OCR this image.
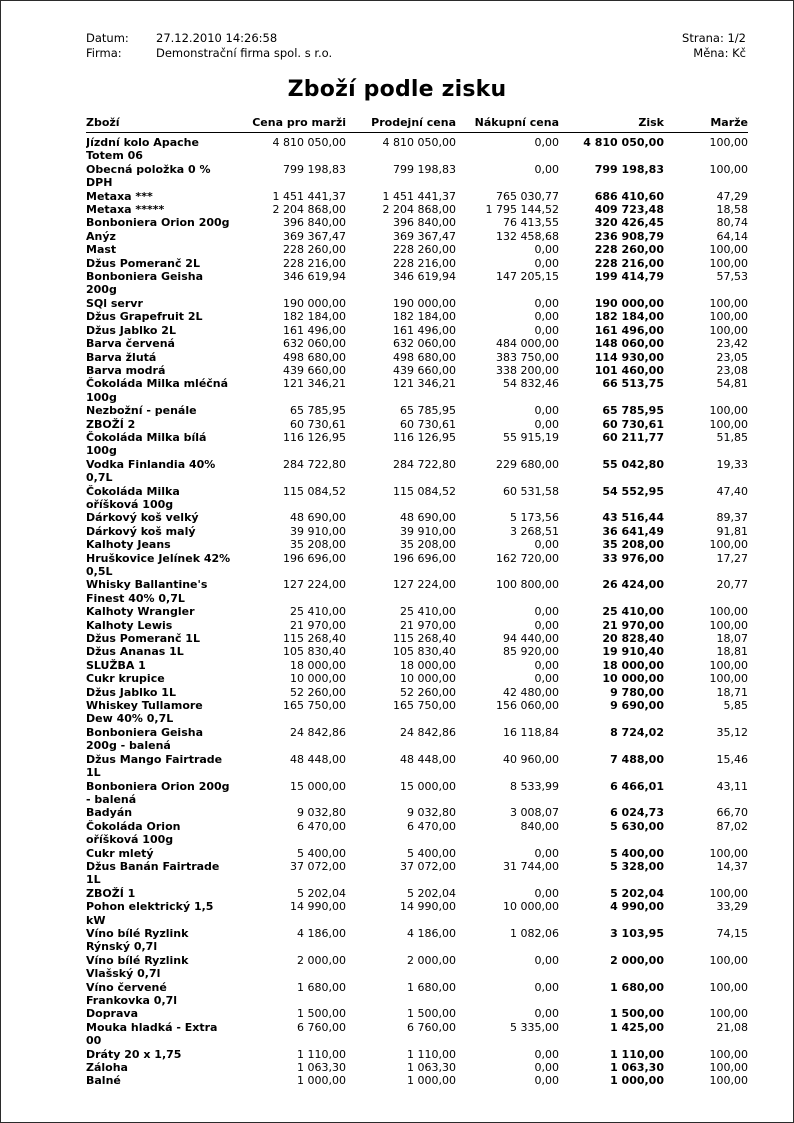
Datum:	27.12.2010 14:26:58
Firma:	Demonstrační firma spol. s r.o.
Strana: 1/2
Měna: Kč
Zboží podle zisku
Zboží	Cena pro marži	Prodejní cena	Nákupní cena	Zisk	Marže
Jízdní kolo Apache Totem 06	4 810 050,00	4 810 050,00	0,00	4 810 050,00	100,00
Obecná položka 0 % DPH	799 198,83	799 198,83	0,00	799 198,83	100,00
Metaxa ***	1 451 441,37	1 451 441,37	765 030,77	686 410,60	47,29
Metaxa *****	2 204 868,00	2 204 868,00	1 795 144,52	409 723,48	18,58
Bonboniera Orion 200g	396 840,00	396 840,00	76 413,55	320 426,45	80,74
Anýz	369 367,47	369 367,47	132 458,68	236 908,79	64,14
Mast	228 260,00	228 260,00	0,00	228 260,00	100,00
Džus Pomeranč 2L	228 216,00	228 216,00	0,00	228 216,00	100,00
Bonboniera Geisha 200g	346 619,94	346 619,94	147 205,15	199 414,79	57,53
SQl servr	190 000,00	190 000,00	0,00	190 000,00	100,00
Džus Grapefruit 2L	182 184,00	182 184,00	0,00	182 184,00	100,00
Džus Jablko 2L	161 496,00	161 496,00	0,00	161 496,00	100,00
Barva červená	632 060,00	632 060,00	484 000,00	148 060,00	23,42
Barva žlutá	498 680,00	498 680,00	383 750,00	114 930,00	23,05
Barva modrá	439 660,00	439 660,00	338 200,00	101 460,00	23,08
Čokoláda Milka mléčná 100g	121 346,21	121 346,21	54 832,46	66 513,75	54,81
Nezbožní - penále	65 785,95	65 785,95	0,00	65 785,95	100,00
ZBOŽÍ 2	60 730,61	60 730,61	0,00	60 730,61	100,00
Čokoláda Milka bílá 100g	116 126,95	116 126,95	55 915,19	60 211,77	51,85
Vodka Finlandia 40% 0,7L	284 722,80	284 722,80	229 680,00	55 042,80	19,33
Čokoláda Milka oříšková 100g	115 084,52	115 084,52	60 531,58	54 552,95	47,40
Dárkový koš velký	48 690,00	48 690,00	5 173,56	43 516,44	89,37
Dárkový koš malý	39 910,00	39 910,00	3 268,51	36 641,49	91,81
Kalhoty Jeans	35 208,00	35 208,00	0,00	35 208,00	100,00
Hruškovice Jelínek 42% 0,5L	196 696,00	196 696,00	162 720,00	33 976,00	17,27
Whisky Ballantine's Finest 40% 0,7L	127 224,00	127 224,00	100 800,00	26 424,00	20,77
Kalhoty Wrangler	25 410,00	25 410,00	0,00	25 410,00	100,00
Kalhoty Lewis	21 970,00	21 970,00	0,00	21 970,00	100,00
Džus Pomeranč 1L	115 268,40	115 268,40	94 440,00	20 828,40	18,07
Džus Ananas 1L	105 830,40	105 830,40	85 920,00	19 910,40	18,81
SLUŽBA 1	18 000,00	18 000,00	0,00	18 000,00	100,00
Cukr krupice	10 000,00	10 000,00	0,00	10 000,00	100,00
Džus Jablko 1L	52 260,00	52 260,00	42 480,00	9 780,00	18,71
Whiskey Tullamore Dew 40% 0,7L	165 750,00	165 750,00	156 060,00	9 690,00	5,85
Bonboniera Geisha 200g - balená	24 842,86	24 842,86	16 118,84	8 724,02	35,12
Džus Mango Fairtrade 1L	48 448,00	48 448,00	40 960,00	7 488,00	15,46
Bonboniera Orion 200g - balená	15 000,00	15 000,00	8 533,99	6 466,01	43,11
Badyán	9 032,80	9 032,80	3 008,07	6 024,73	66,70
Čokoláda Orion oříšková 100g	6 470,00	6 470,00	840,00	5 630,00	87,02
Cukr mletý	5 400,00	5 400,00	0,00	5 400,00	100,00
Džus Banán Fairtrade 1L	37 072,00	37 072,00	31 744,00	5 328,00	14,37
ZBOŽÍ 1	5 202,04	5 202,04	0,00	5 202,04	100,00
Pohon elektrický 1,5 kW	14 990,00	14 990,00	10 000,00	4 990,00	33,29
Víno bílé Ryzlink Rýnský 0,7l	4 186,00	4 186,00	1 082,06	3 103,95	74,15
Víno bílé Ryzlink Vlašský 0,7l	2 000,00	2 000,00	0,00	2 000,00	100,00
Víno červené Frankovka 0,7l	1 680,00	1 680,00	0,00	1 680,00	100,00
Doprava	1 500,00	1 500,00	0,00	1 500,00	100,00
Mouka hladká - Extra 00	6 760,00	6 760,00	5 335,00	1 425,00	21,08
Dráty 20 x 1,75	1 110,00	1 110,00	0,00	1 110,00	100,00
Záloha	1 063,30	1 063,30	0,00	1 063,30	100,00
Balné	1 000,00	1 000,00	0,00	1 000,00	100,00
